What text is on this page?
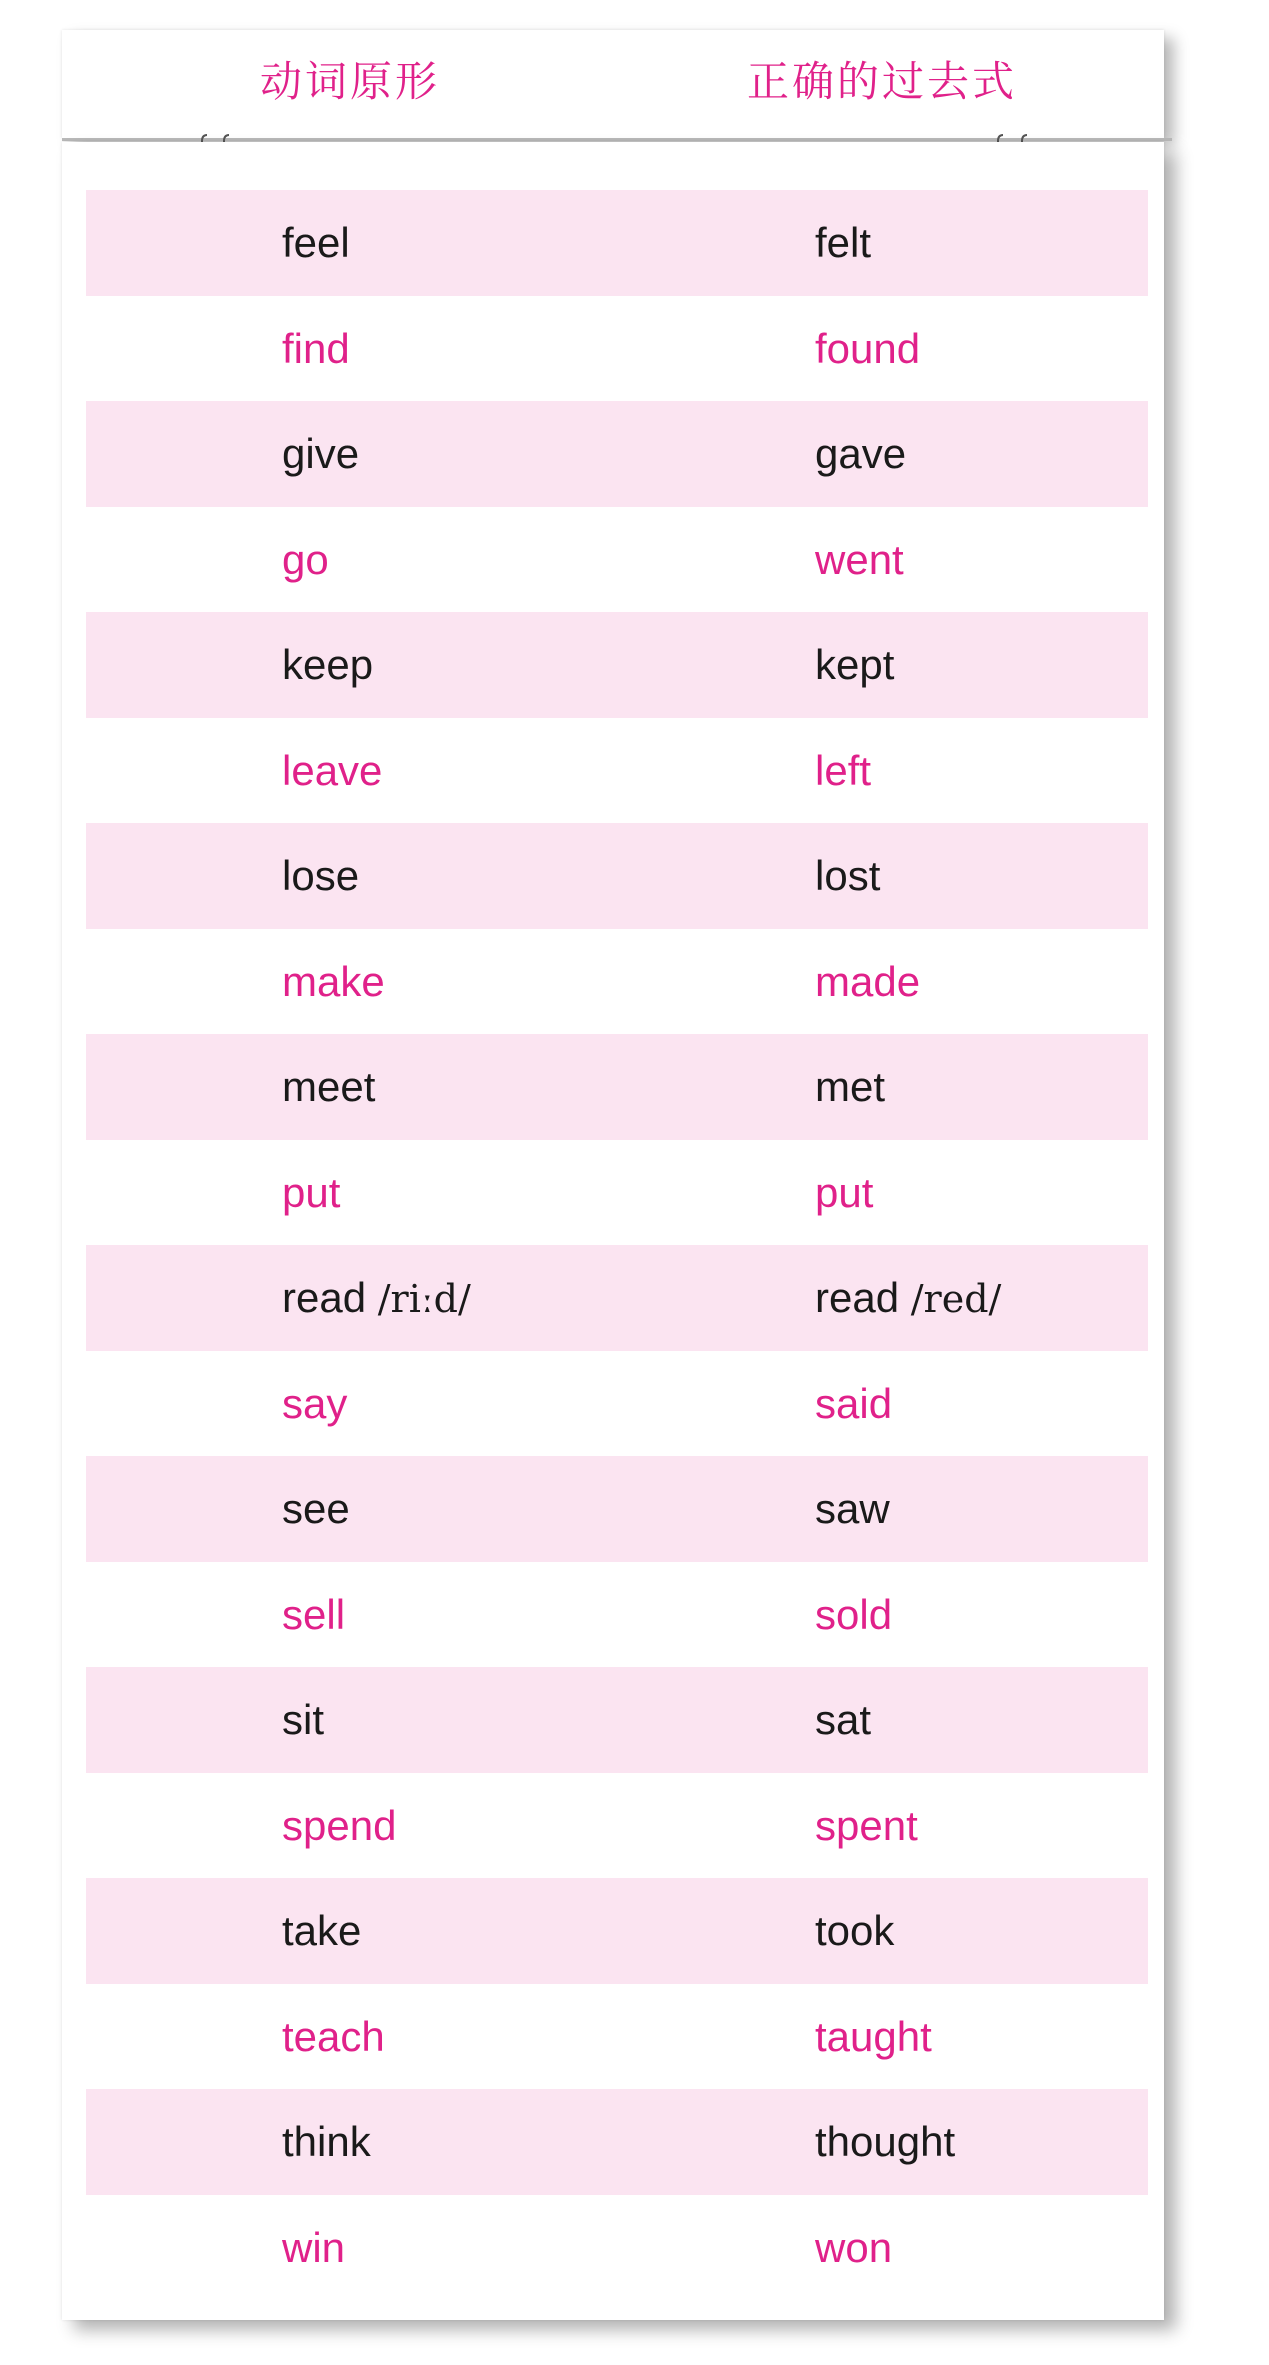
动词原形	正确的过去式
feel	felt
find	found
give	gave
go	went
keep	kept
leave	left
lose	lost
make	made
meet	met
put	put
read /riːd/	read /red/
say	said
see	saw
sell	sold
sit	sat
spend	spent
take	took
teach	taught
think	thought
win	won
